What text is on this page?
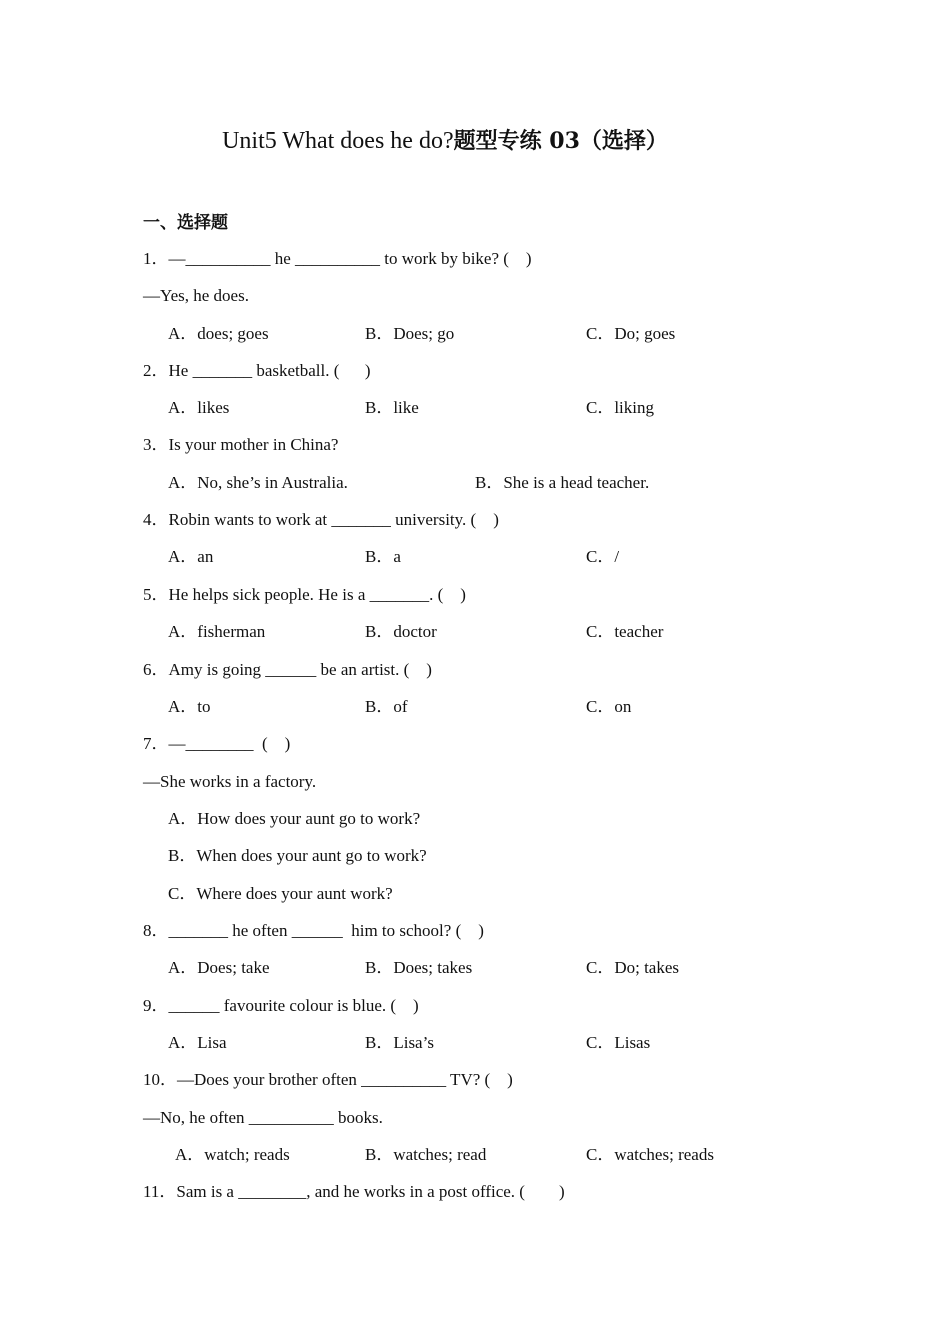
Unit5 What does he do?题型专练 03（选择）
一、选择题
1．—__________ he __________ to work by bike? (    )
—Yes, he does.
A．does; goes	B．Does; go	C．Do; goes
2．He _______ basketball. (      )
A．likes	B．like	C．liking
3．Is your mother in China?
A．No, she’s in Australia.	B．She is a head teacher.
4．Robin wants to work at _______ university. (    )
A．an	B．a	C．/
5．He helps sick people. He is a _______. (    )
A．fisherman	B．doctor	C．teacher
6．Amy is going ______ be an artist. (    )
A．to	B．of	C．on
7．—________  (    )
—She works in a factory.
A．How does your aunt go to work?
B．When does your aunt go to work?
C．Where does your aunt work?
8．_______ he often ______  him to school? (    )
A．Does; take	B．Does; takes	C．Do; takes
9．______ favourite colour is blue. (    )
A．Lisa	B．Lisa’s	C．Lisas
10．—Does your brother often __________ TV? (    )
—No, he often __________ books.
A．watch; reads	B．watches; read	C．watches; reads
11．Sam is a ________, and he works in a post office. (        )
